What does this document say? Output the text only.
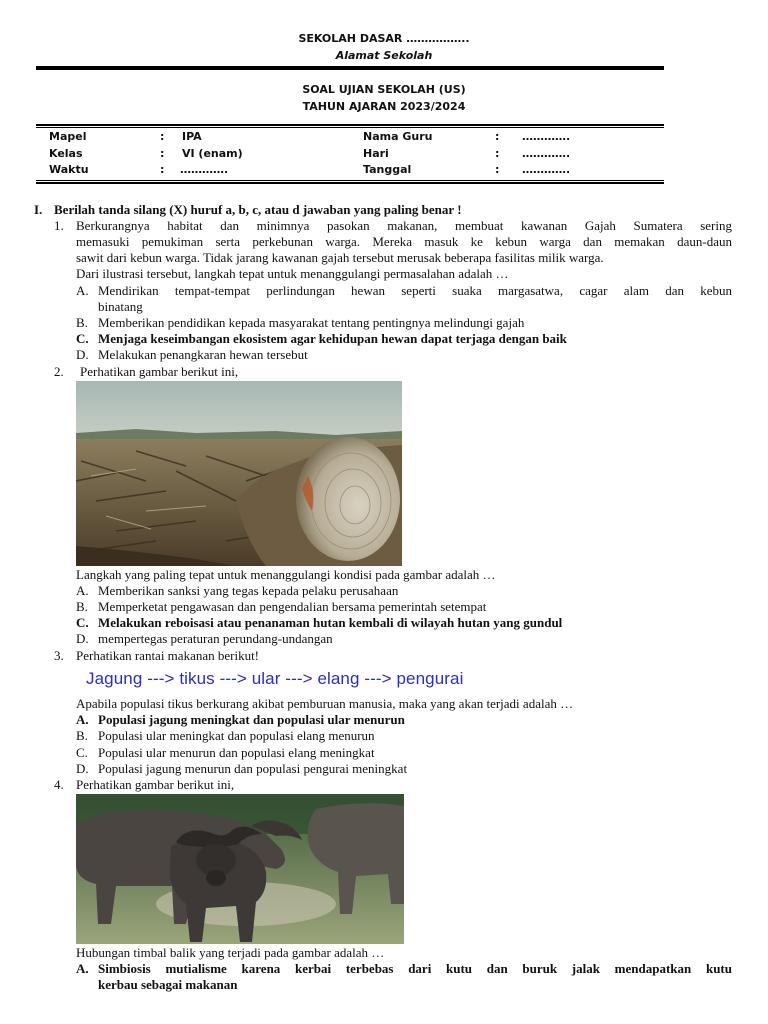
SEKOLAH DASAR ……………..
Alamat Sekolah
SOAL UJIAN SEKOLAH (US)
TAHUN AJARAN 2023/2024
Mapel	: IPA	Nama Guru	: ………….
Kelas	: VI (enam)	Hari	: ………….
Waktu	: ………….	Tanggal	: ………….
I. Berilah tanda silang (X) huruf a, b, c, atau d jawaban yang paling benar !
1. Berkurangnya habitat dan minimnya pasokan makanan, membuat kawanan Gajah Sumatera sering
memasuki pemukiman serta perkebunan warga. Mereka masuk ke kebun warga dan memakan daun-daun
sawit dari kebun warga. Tidak jarang kawanan gajah tersebut merusak beberapa fasilitas milik warga.
Dari ilustrasi tersebut, langkah tepat untuk menanggulangi permasalahan adalah …
A. Mendirikan tempat-tempat perlindungan hewan seperti suaka margasatwa, cagar alam dan kebun
binatang
B. Memberikan pendidikan kepada masyarakat tentang pentingnya melindungi gajah
C. Menjaga keseimbangan ekosistem agar kehidupan hewan dapat terjaga dengan baik
D. Melakukan penangkaran hewan tersebut
2. Perhatikan gambar berikut ini,
Langkah yang paling tepat untuk menanggulangi kondisi pada gambar adalah …
A. Memberikan sanksi yang tegas kepada pelaku perusahaan
B. Memperketat pengawasan dan pengendalian bersama pemerintah setempat
C. Melakukan reboisasi atau penanaman hutan kembali di wilayah hutan yang gundul
D. mempertegas peraturan perundang-undangan
3. Perhatikan rantai makanan berikut!
Jagung ---> tikus ---> ular ---> elang ---> pengurai
Apabila populasi tikus berkurang akibat pemburuan manusia, maka yang akan terjadi adalah …
A. Populasi jagung meningkat dan populasi ular menurun
B. Populasi ular meningkat dan populasi elang menurun
C. Populasi ular menurun dan populasi elang meningkat
D. Populasi jagung menurun dan populasi pengurai meningkat
4. Perhatikan gambar berikut ini,
Hubungan timbal balik yang terjadi pada gambar adalah …
A. Simbiosis mutialisme karena kerbai terbebas dari kutu dan buruk jalak mendapatkan kutu
kerbau sebagai makanan
